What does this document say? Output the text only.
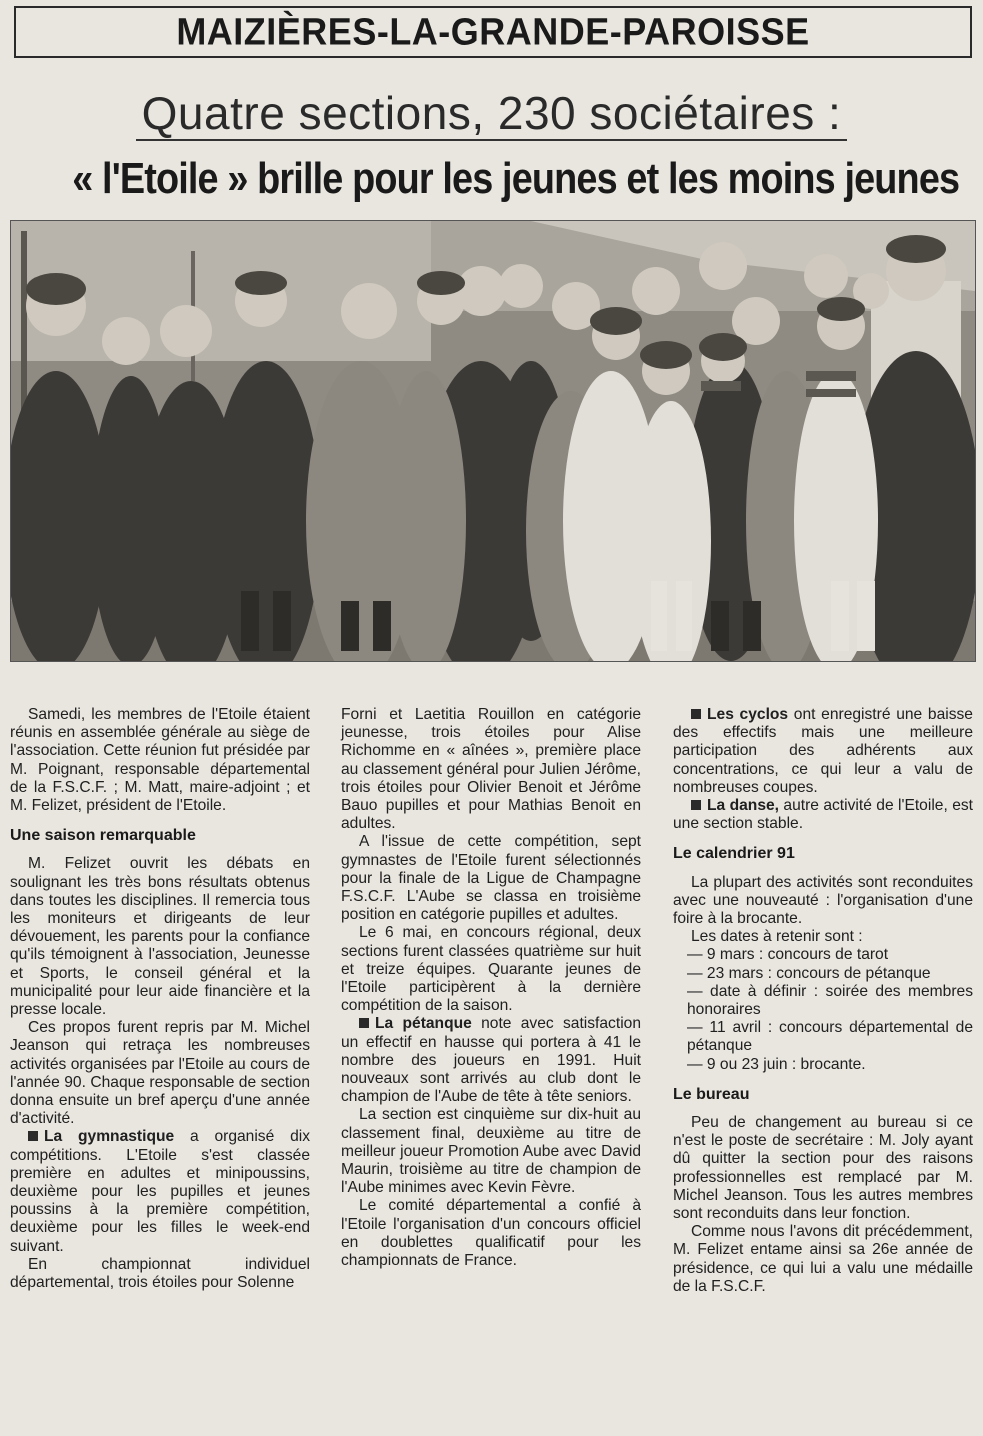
MAIZIÈRES-LA-GRANDE-PAROISSE
Quatre sections, 230 sociétaires :
« l'Etoile » brille pour les jeunes et les moins jeunes

Samedi, les membres de l'Etoile étaient réunis en assemblée générale au siège de l'association. Cette réunion fut présidée par M. Poignant, responsable départemental de la F.S.C.F. ; M. Matt, maire-adjoint ; et M. Felizet, président de l'Etoile.

Une saison remarquable

M. Felizet ouvrit les débats en soulignant les très bons résultats obtenus dans toutes les disciplines. Il remercia tous les moniteurs et dirigeants de leur dévouement, les parents pour la confiance qu'ils témoignent à l'association, Jeunesse et Sports, le conseil général et la municipalité pour leur aide financière et la presse locale.

Ces propos furent repris par M. Michel Jeanson qui retraça les nombreuses activités organisées par l'Etoile au cours de l'année 90. Chaque responsable de section donna ensuite un bref aperçu d'une année d'activité.

La gymnastique a organisé dix compétitions. L'Etoile s'est classée première en adultes et minipoussins, deuxième pour les pupilles et jeunes poussins à la première compétition, deuxième pour les filles le week-end suivant.

En championnat individuel départemental, trois étoiles pour Solenne

Forni et Laetitia Rouillon en catégorie jeunesse, trois étoiles pour Alise Richomme en « aînées », première place au classement général pour Julien Jérôme, trois étoiles pour Olivier Benoit et Jérôme Bauo pupilles et pour Mathias Benoit en adultes.

A l'issue de cette compétition, sept gymnastes de l'Etoile furent sélectionnés pour la finale de la Ligue de Champagne F.S.C.F. L'Aube se classa en troisième position en catégorie pupilles et adultes.

Le 6 mai, en concours régional, deux sections furent classées quatrième sur huit et treize équipes. Quarante jeunes de l'Etoile participèrent à la dernière compétition de la saison.

La pétanque note avec satisfaction un effectif en hausse qui portera à 41 le nombre des joueurs en 1991. Huit nouveaux sont arrivés au club dont le champion de l'Aube de tête à tête seniors.

La section est cinquième sur dix-huit au classement final, deuxième au titre de meilleur joueur Promotion Aube avec David Maurin, troisième au titre de champion de l'Aube minimes avec Kevin Fèvre.

Le comité départemental a confié à l'Etoile l'organisation d'un concours officiel en doublettes qualificatif pour les championnats de France.

Les cyclos ont enregistré une baisse des effectifs mais une meilleure participation des adhérents aux concentrations, ce qui leur a valu de nombreuses coupes.

La danse, autre activité de l'Etoile, est une section stable.

Le calendrier 91

La plupart des activités sont reconduites avec une nouveauté : l'organisation d'une foire à la brocante.

Les dates à retenir sont :

— 9 mars : concours de tarot

— 23 mars : concours de pétanque

— date à définir : soirée des membres honoraires

— 11 avril : concours départemental de pétanque

— 9 ou 23 juin : brocante.

Le bureau

Peu de changement au bureau si ce n'est le poste de secrétaire : M. Joly ayant dû quitter la section pour des raisons professionnelles est remplacé par M. Michel Jeanson. Tous les autres membres sont reconduits dans leur fonction.

Comme nous l'avons dit précédemment, M. Felizet entame ainsi sa 26e année de présidence, ce qui lui a valu une médaille de la F.S.C.F.
